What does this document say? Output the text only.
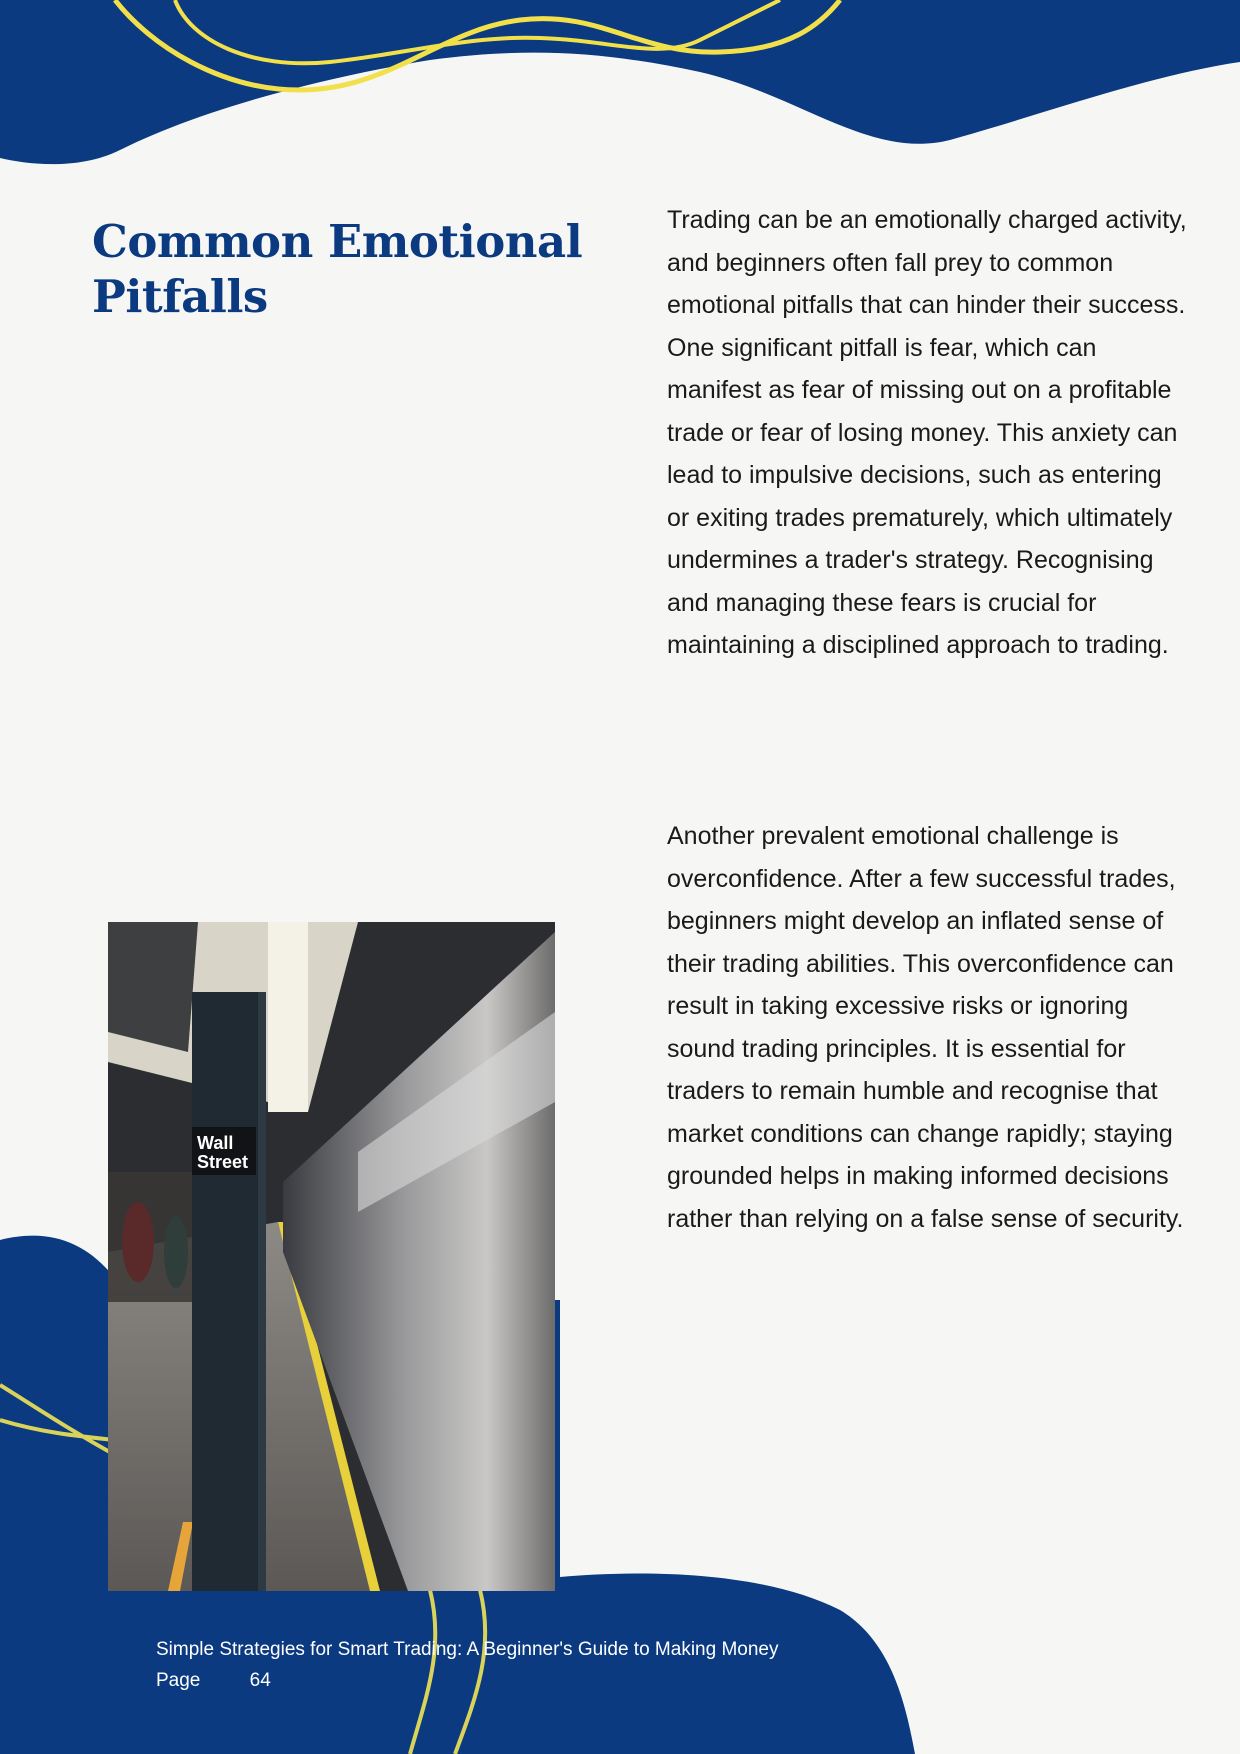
Common Emotional
Pitfalls

Trading can be an emotionally charged activity, and beginners often fall prey to common emotional pitfalls that can hinder their success. One significant pitfall is fear, which can manifest as fear of missing out on a profitable trade or fear of losing money. This anxiety can lead to impulsive decisions, such as entering or exiting trades prematurely, which ultimately undermines a trader's strategy. Recognising and managing these fears is crucial for maintaining a disciplined approach to trading.

Another prevalent emotional challenge is overconfidence. After a few successful trades, beginners might develop an inflated sense of their trading abilities. This overconfidence can result in taking excessive risks or ignoring sound trading principles. It is essential for traders to remain humble and recognise that market conditions can change rapidly; staying grounded helps in making informed decisions rather than relying on a false sense of security.

Wall
Street
Simple Strategies for Smart Trading: A Beginner's Guide to Making Money
Page	64
